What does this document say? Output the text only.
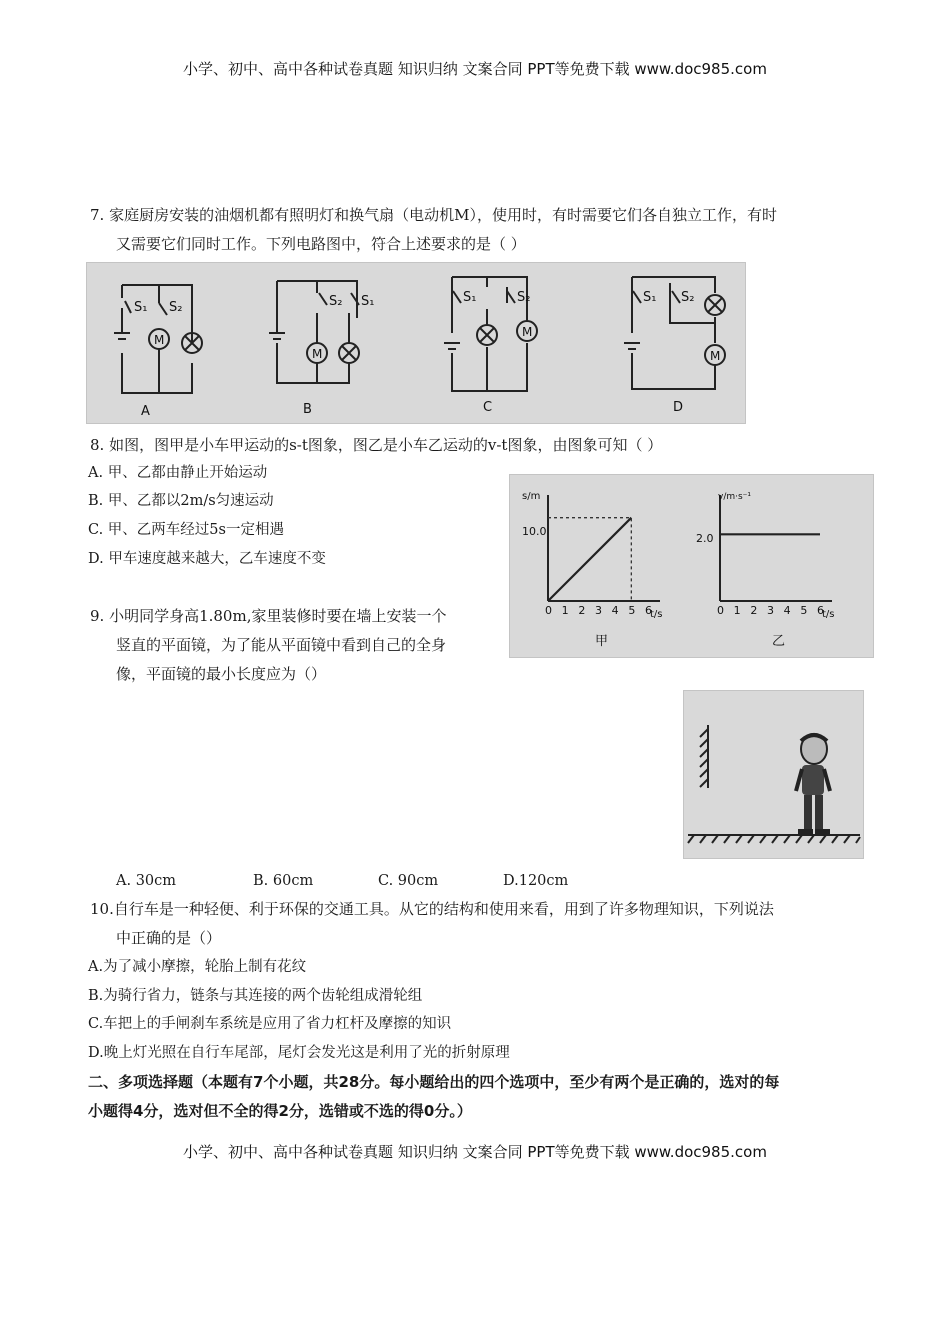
小学、初中、高中各种试卷真题 知识归纳 文案合同 PPT等免费下载 www.doc985.com
7. 家庭厨房安装的油烟机都有照明灯和换气扇（电动机M），使用时，有时需要它们各自独立工作，有时
又需要它们同时工作。下列电路图中，符合上述要求的是（ ）
S₁ S₂
M
S₂ S₁
M
S₁	S₂
M
S₁ S₂
M
A	B	C	D
8. 如图，图甲是小车甲运动的s-t图象，图乙是小车乙运动的v-t图象，由图象可知（ ）
A. 甲、乙都由静止开始运动
B. 甲、乙都以2m/s匀速运动
C. 甲、乙两车经过5s一定相遇
D. 甲车速度越来越大，乙车速度不变
s/m
t/s
10.0
甲
v/m·s⁻¹
t/s
2.0
乙
0 1 2 3 4 5 6	0 1 2 3 4 5 6
9. 小明同学身高1.80m,家里装修时要在墙上安装一个
竖直的平面镜，为了能从平面镜中看到自己的全身
像，平面镜的最小长度应为（）
A. 30cm	B. 60cm	C. 90cm	D.120cm
10.自行车是一种轻便、利于环保的交通工具。从它的结构和使用来看，用到了许多物理知识，下列说法
中正确的是（）
A.为了减小摩擦，轮胎上制有花纹
B.为骑行省力，链条与其连接的两个齿轮组成滑轮组
C.车把上的手闸刹车系统是应用了省力杠杆及摩擦的知识
D.晚上灯光照在自行车尾部，尾灯会发光这是利用了光的折射原理
二、多项选择题（本题有7个小题，共28分。每小题给出的四个选项中，至少有两个是正确的，选对的每
小题得4分，选对但不全的得2分，选错或不选的得0分。）
小学、初中、高中各种试卷真题 知识归纳 文案合同 PPT等免费下载 www.doc985.com
